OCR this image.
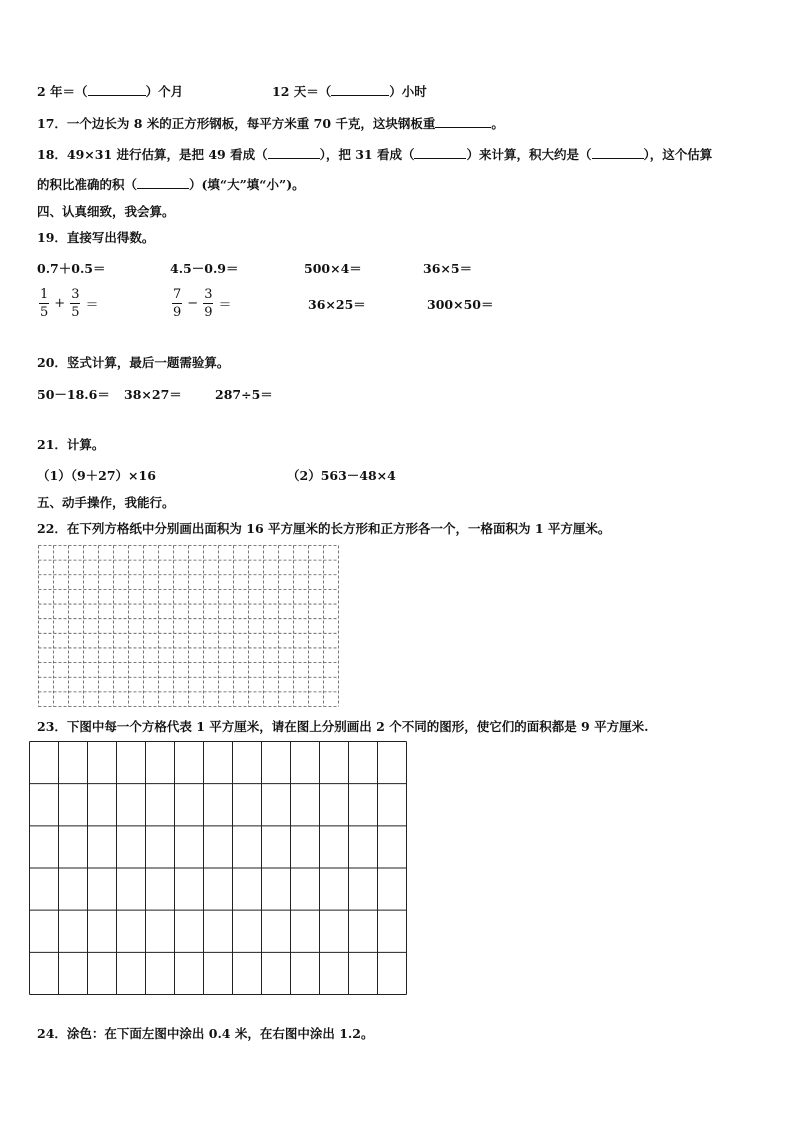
2 年＝（	）个月	12 天＝（	）小时
17．一个边长为 8 米的正方形钢板，每平方米重 70 千克，这块钢板重	。
18．49×31 进行估算，是把 49 看成（	），把 31 看成（	）来计算，积大约是（	），这个估算
的积比准确的积（	）(填“大”填“小”)。
四、认真细致，我会算。
19．直接写出得数。
0.7＋0.5＝	4.5－0.9＝	500×4＝	36×5＝
$\frac{1}{5} + \frac{3}{5}$ ＝	$\frac{7}{9} - \frac{3}{9}$ ＝	36×25＝	300×50＝
20．竖式计算，最后一题需验算。
50－18.6＝ 38×27＝	287÷5＝
21．计算。
（1）（9＋27）×16	（2）563－48×4
五、动手操作，我能行。
22．在下列方格纸中分别画出面积为 16 平方厘米的长方形和正方形各一个，一格面积为 1 平方厘米。
23．下图中每一个方格代表 1 平方厘米，请在图上分别画出 2 个不同的图形，使它们的面积都是 9 平方厘米.
24．涂色：在下面左图中涂出 0.4 米，在右图中涂出 1.2。
